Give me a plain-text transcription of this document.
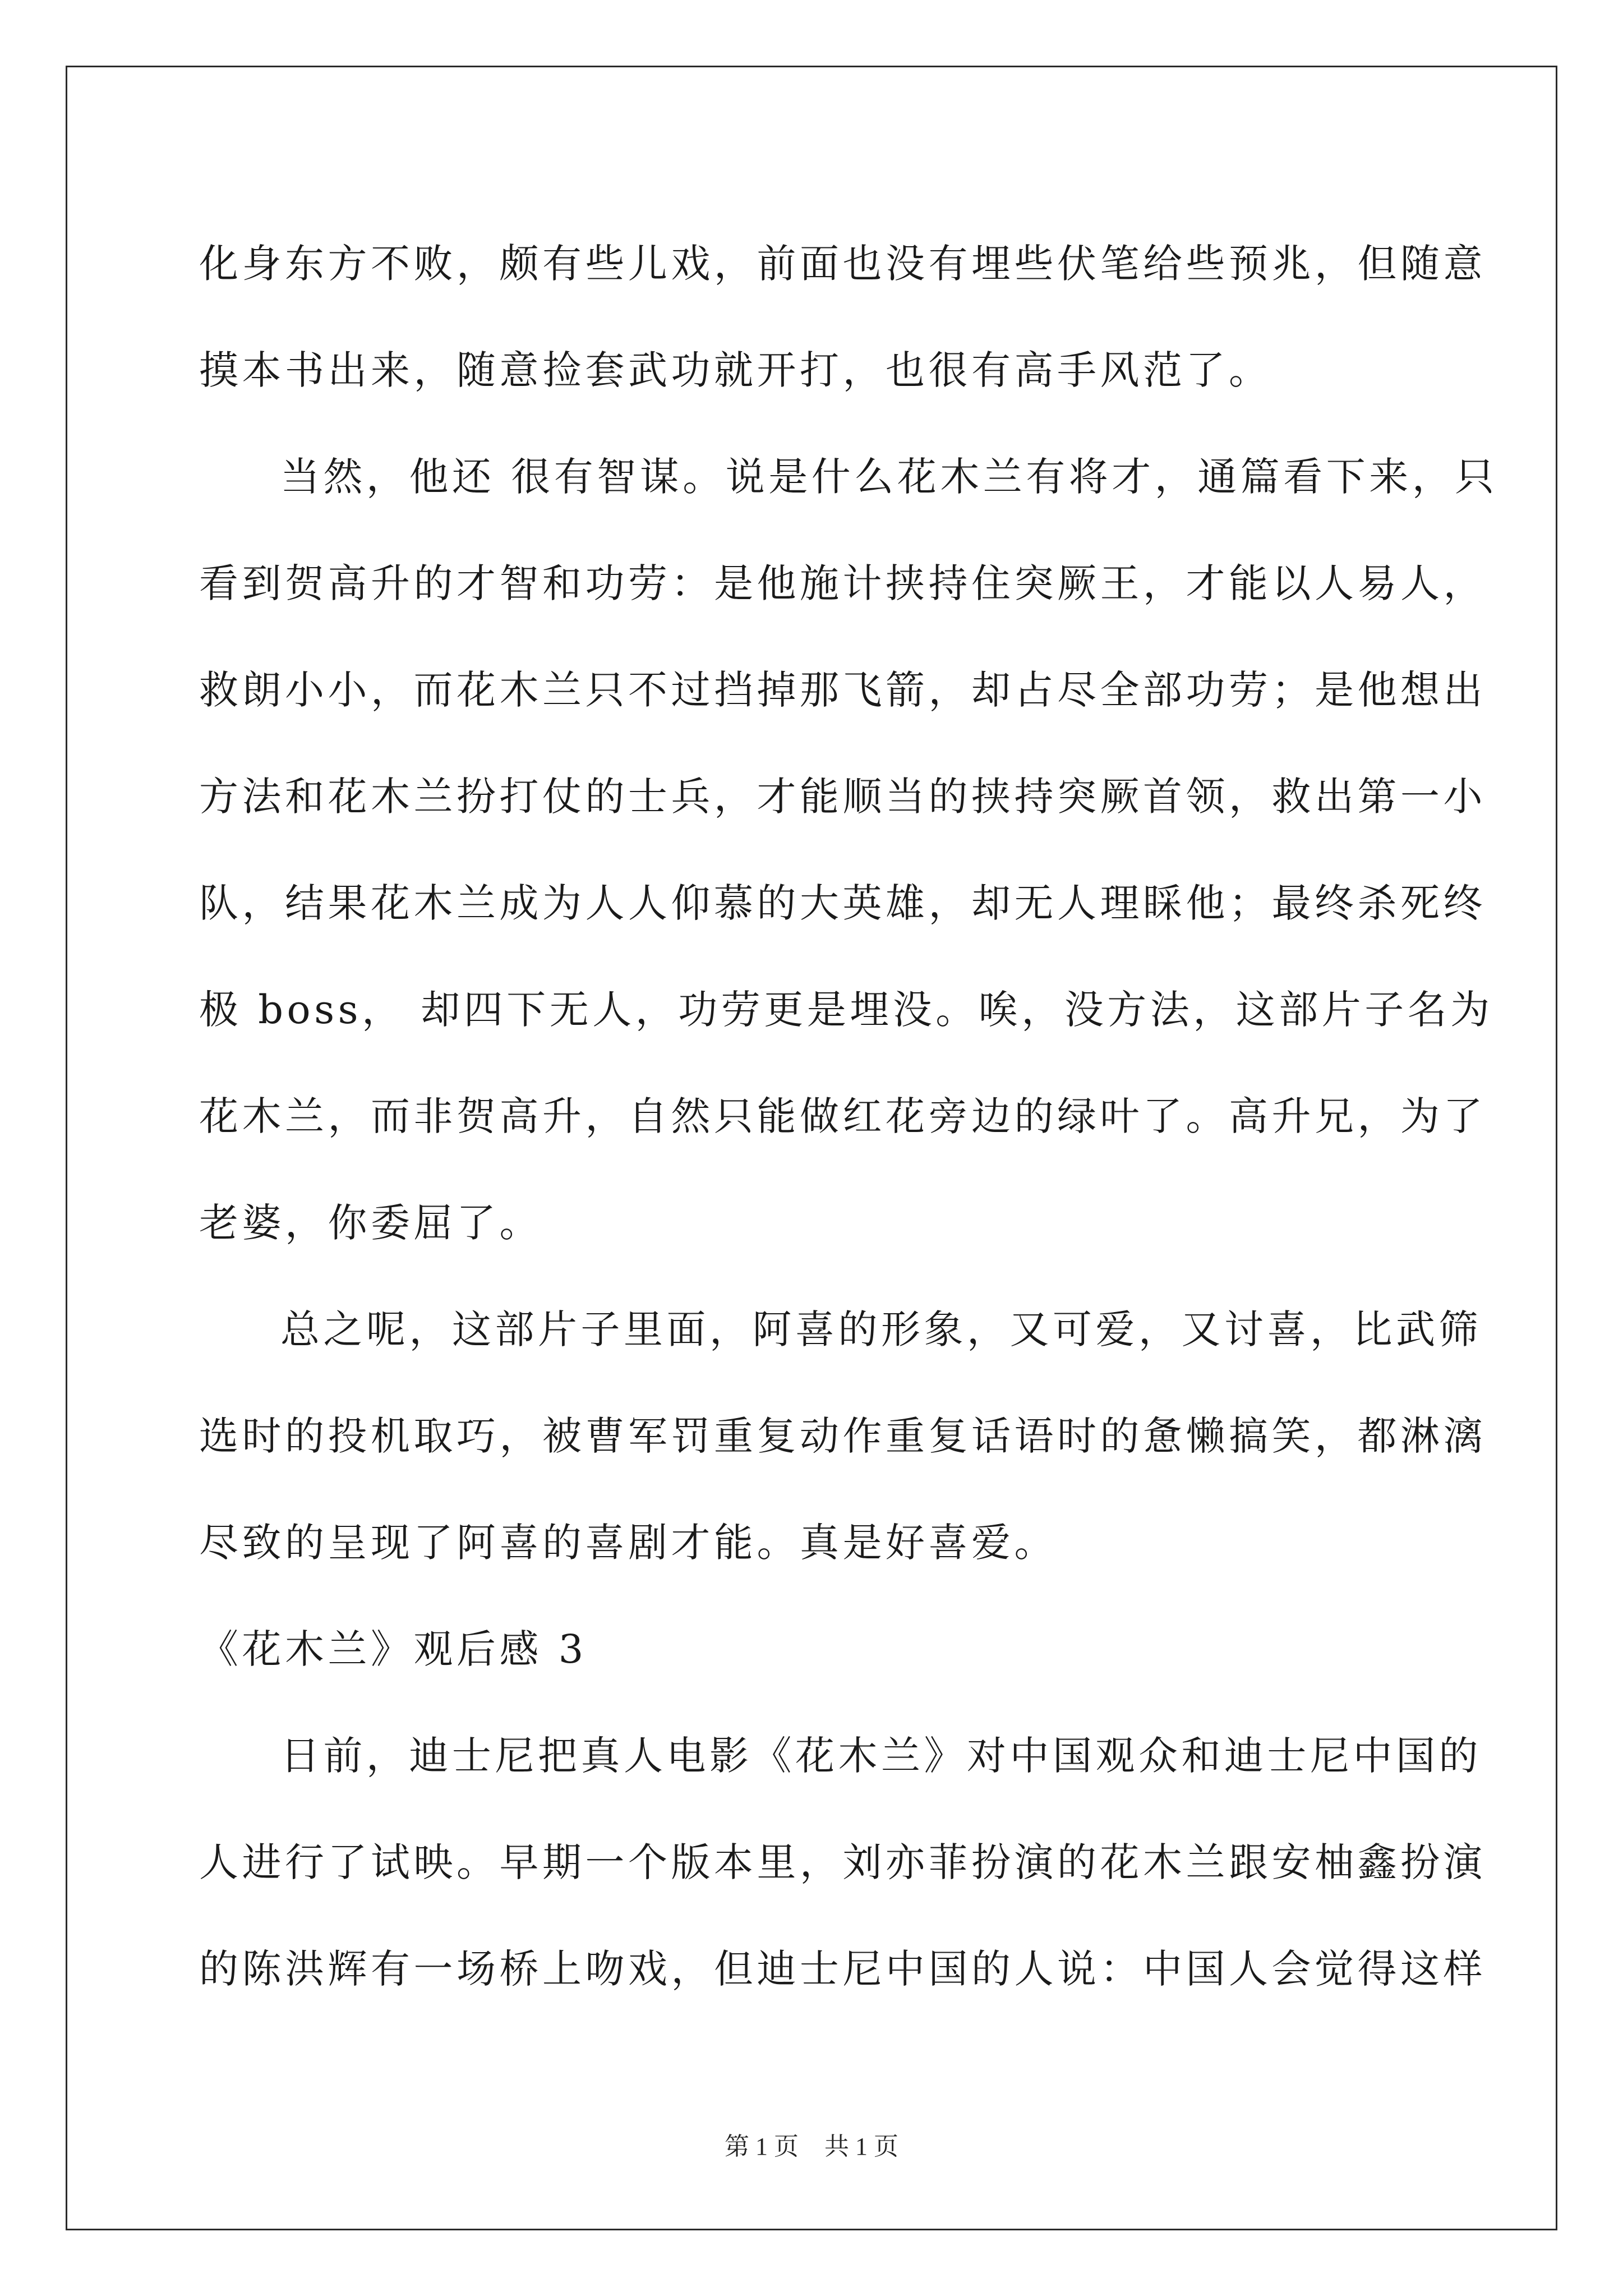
化身东方不败，颇有些儿戏，前面也没有埋些伏笔给些预兆，但随意
摸本书出来，随意捡套武功就开打，也很有高手风范了。
当然，他还 很有智谋。说是什么花木兰有将才，通篇看下来，只
看到贺高升的才智和功劳：是他施计挟持住突厥王，才能以人易人，
救朗小小，而花木兰只不过挡掉那飞箭，却占尽全部功劳；是他想出
方法和花木兰扮打仗的士兵，才能顺当的挟持突厥首领，救出第一小
队，结果花木兰成为人人仰慕的大英雄，却无人理睬他；最终杀死终
极 boss， 却四下无人，功劳更是埋没。唉，没方法，这部片子名为
花木兰，而非贺高升，自然只能做红花旁边的绿叶了。高升兄，为了
老婆，你委屈了。
总之呢，这部片子里面，阿喜的形象，又可爱，又讨喜，比武筛
选时的投机取巧，被曹军罚重复动作重复话语时的惫懒搞笑，都淋漓
尽致的呈现了阿喜的喜剧才能。真是好喜爱。
《花木兰》观后感 3
日前，迪士尼把真人电影《花木兰》对中国观众和迪士尼中国的
人进行了试映。早期一个版本里，刘亦菲扮演的花木兰跟安柚鑫扮演
的陈洪辉有一场桥上吻戏，但迪士尼中国的人说：中国人会觉得这样
第 1 页 共 1 页
